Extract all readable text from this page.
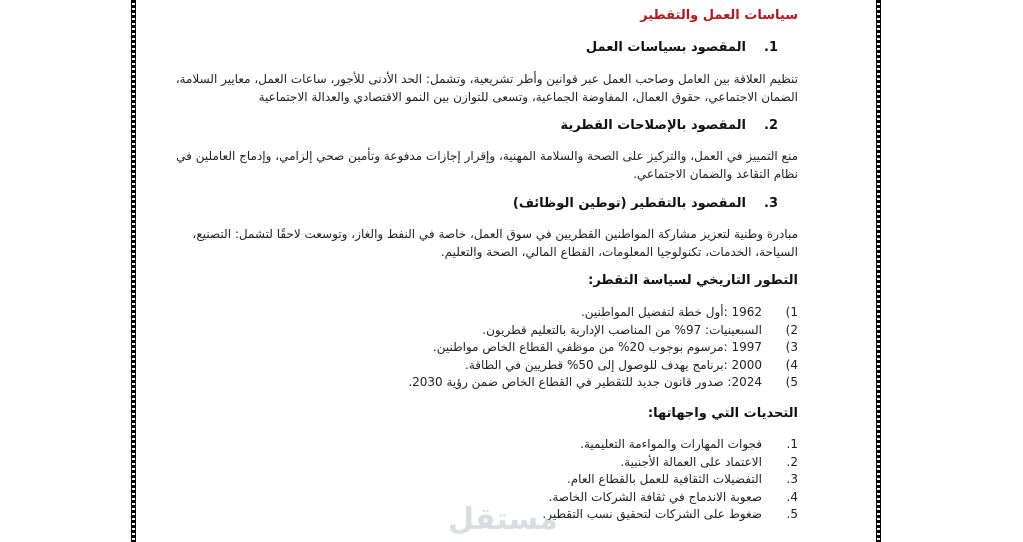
سياسات العمل والتقطير
1.
المقصود بسياسات العمل
تنظيم العلاقة بين العامل وصاحب العمل عبر قوانين وأطر تشريعية، وتشمل: الحد الأدنى للأجور، ساعات العمل، معايير السلامة، الضمان الاجتماعي، حقوق العمال، المفاوضة الجماعية، وتسعى للتوازن بين النمو الاقتصادي والعدالة الاجتماعية
2.
المقصود بالإصلاحات القطرية
منع التمييز في العمل، والتركيز على الصحة والسلامة المهنية، وإقرار إجازات مدفوعة وتأمين صحي إلزامي، وإدماج العاملين في نظام التقاعد والضمان الاجتماعي.
3.
المقصود بالتقطير (توطين الوظائف)
مبادرة وطنية لتعزيز مشاركة المواطنين القطريين في سوق العمل، خاصة في النفط والغاز، وتوسعت لاحقًا لتشمل: التصنيع، السياحة، الخدمات، تكنولوجيا المعلومات، القطاع المالي، الصحة والتعليم.
التطور التاريخي لسياسة التقطر:
1)
1962 :أول خطة لتفضيل المواطنين.
2)
السبعينيات: 97% من المناصب الإدارية بالتعليم قطريون.
3)
1997 :مرسوم بوجوب 20% من موظفي القطاع الخاص مواطنين.
4)
2000 :برنامج يهدف للوصول إلى 50% قطريين في الطاقة.
5)
2024: صدور قانون جديد للتقطير في القطاع الخاص ضمن رؤية 2030.
التحديات التي واجهاتها:
1.
فجوات المهارات والمواءمة التعليمية.
2.
الاعتماد على العمالة الأجنبية.
3.
التفضيلات الثقافية للعمل بالقطاع العام.
4.
صعوبة الاندماج في ثقافة الشركات الخاصة.
5.
ضغوط على الشركات لتحقيق نسب التقطير.
مستقل
